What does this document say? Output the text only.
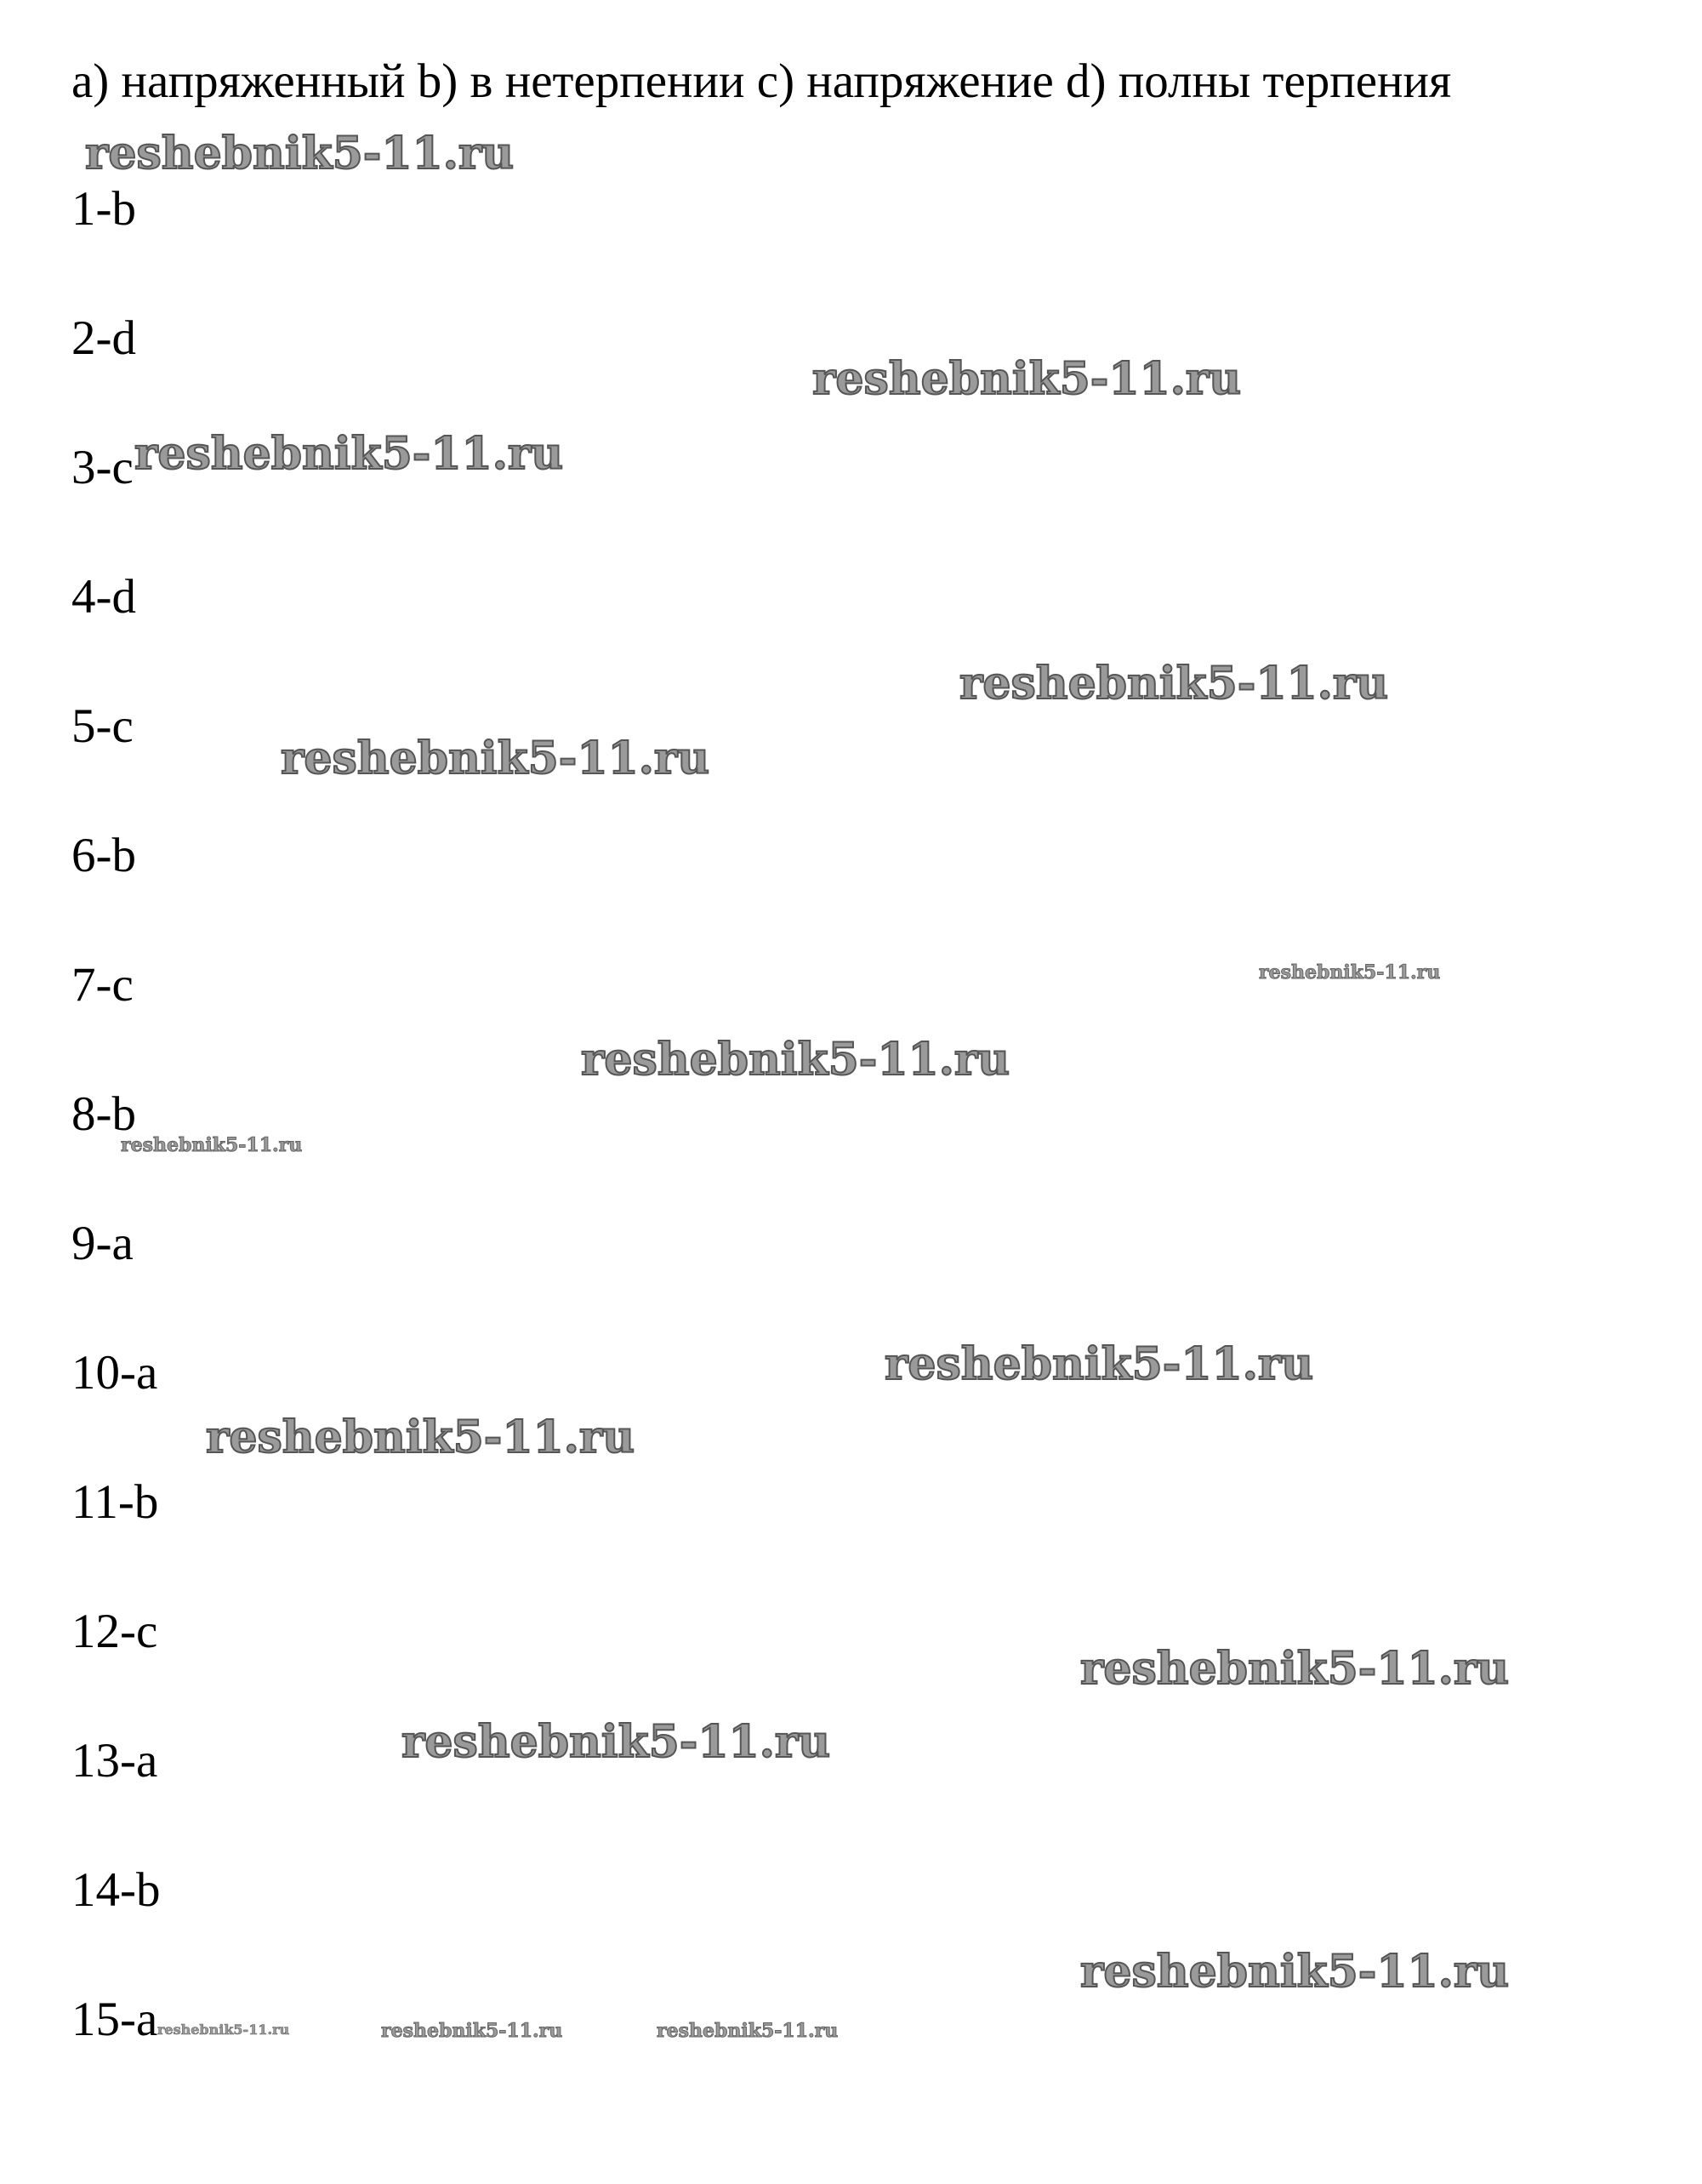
a) напряженный b) в нетерпении c) напряжение d) полны терпения
1-b
2-d
3-c
4-d
5-c
6-b
7-c
8-b
9-a
10-a
11-b
12-c
13-a
14-b
15-a
reshebnik5-11.ru
reshebnik5-11.ru
reshebnik5-11.ru
reshebnik5-11.ru
reshebnik5-11.ru
reshebnik5-11.ru
reshebnik5-11.ru
reshebnik5-11.ru
reshebnik5-11.ru
reshebnik5-11.ru
reshebnik5-11.ru
reshebnik5-11.ru
reshebnik5-11.ru
reshebnik5-11.ru	reshebnik5-11.ru	reshebnik5-11.ru
